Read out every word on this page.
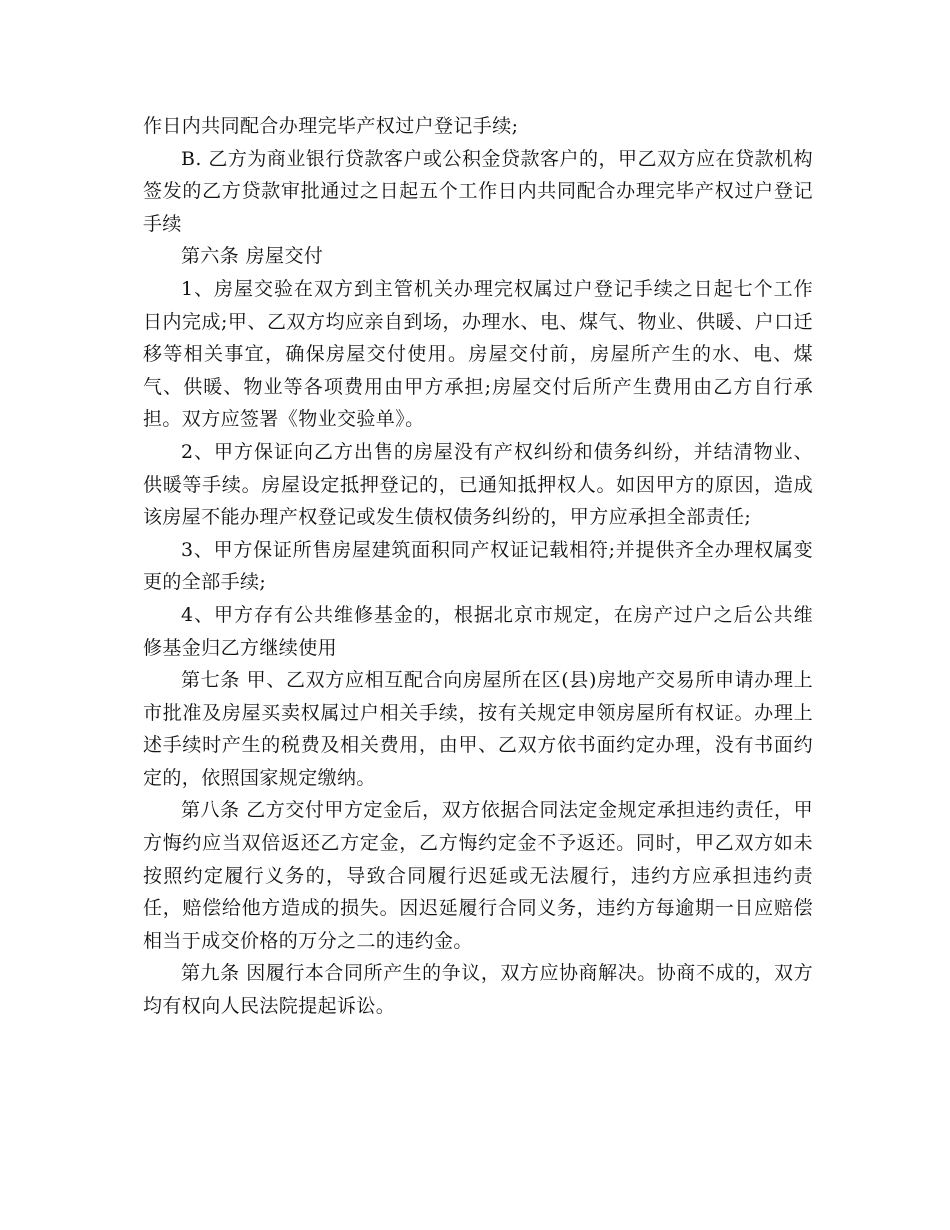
作日内共同配合办理完毕产权过户登记手续;

B. 乙方为商业银行贷款客户或公积金贷款客户的，甲乙双方应在贷款机构签发的乙方贷款审批通过之日起五个工作日内共同配合办理完毕产权过户登记手续

第六条 房屋交付

1、房屋交验在双方到主管机关办理完权属过户登记手续之日起七个工作日内完成;甲、乙双方均应亲自到场，办理水、电、煤气、物业、供暖、户口迁移等相关事宜，确保房屋交付使用。房屋交付前，房屋所产生的水、电、煤气、供暖、物业等各项费用由甲方承担;房屋交付后所产生费用由乙方自行承担。双方应签署《物业交验单》。

2、甲方保证向乙方出售的房屋没有产权纠纷和债务纠纷，并结清物业、供暖等手续。房屋设定抵押登记的，已通知抵押权人。如因甲方的原因，造成该房屋不能办理产权登记或发生债权债务纠纷的，甲方应承担全部责任;

3、甲方保证所售房屋建筑面积同产权证记载相符;并提供齐全办理权属变更的全部手续;

4、甲方存有公共维修基金的，根据北京市规定，在房产过户之后公共维修基金归乙方继续使用

第七条 甲、乙双方应相互配合向房屋所在区(县)房地产交易所申请办理上市批准及房屋买卖权属过户相关手续，按有关规定申领房屋所有权证。办理上述手续时产生的税费及相关费用，由甲、乙双方依书面约定办理，没有书面约定的，依照国家规定缴纳。

第八条 乙方交付甲方定金后，双方依据合同法定金规定承担违约责任，甲方悔约应当双倍返还乙方定金，乙方悔约定金不予返还。同时，甲乙双方如未按照约定履行义务的，导致合同履行迟延或无法履行，违约方应承担违约责任，赔偿给他方造成的损失。因迟延履行合同义务，违约方每逾期一日应赔偿相当于成交价格的万分之二的违约金。

第九条 因履行本合同所产生的争议，双方应协商解决。协商不成的，双方均有权向人民法院提起诉讼。
